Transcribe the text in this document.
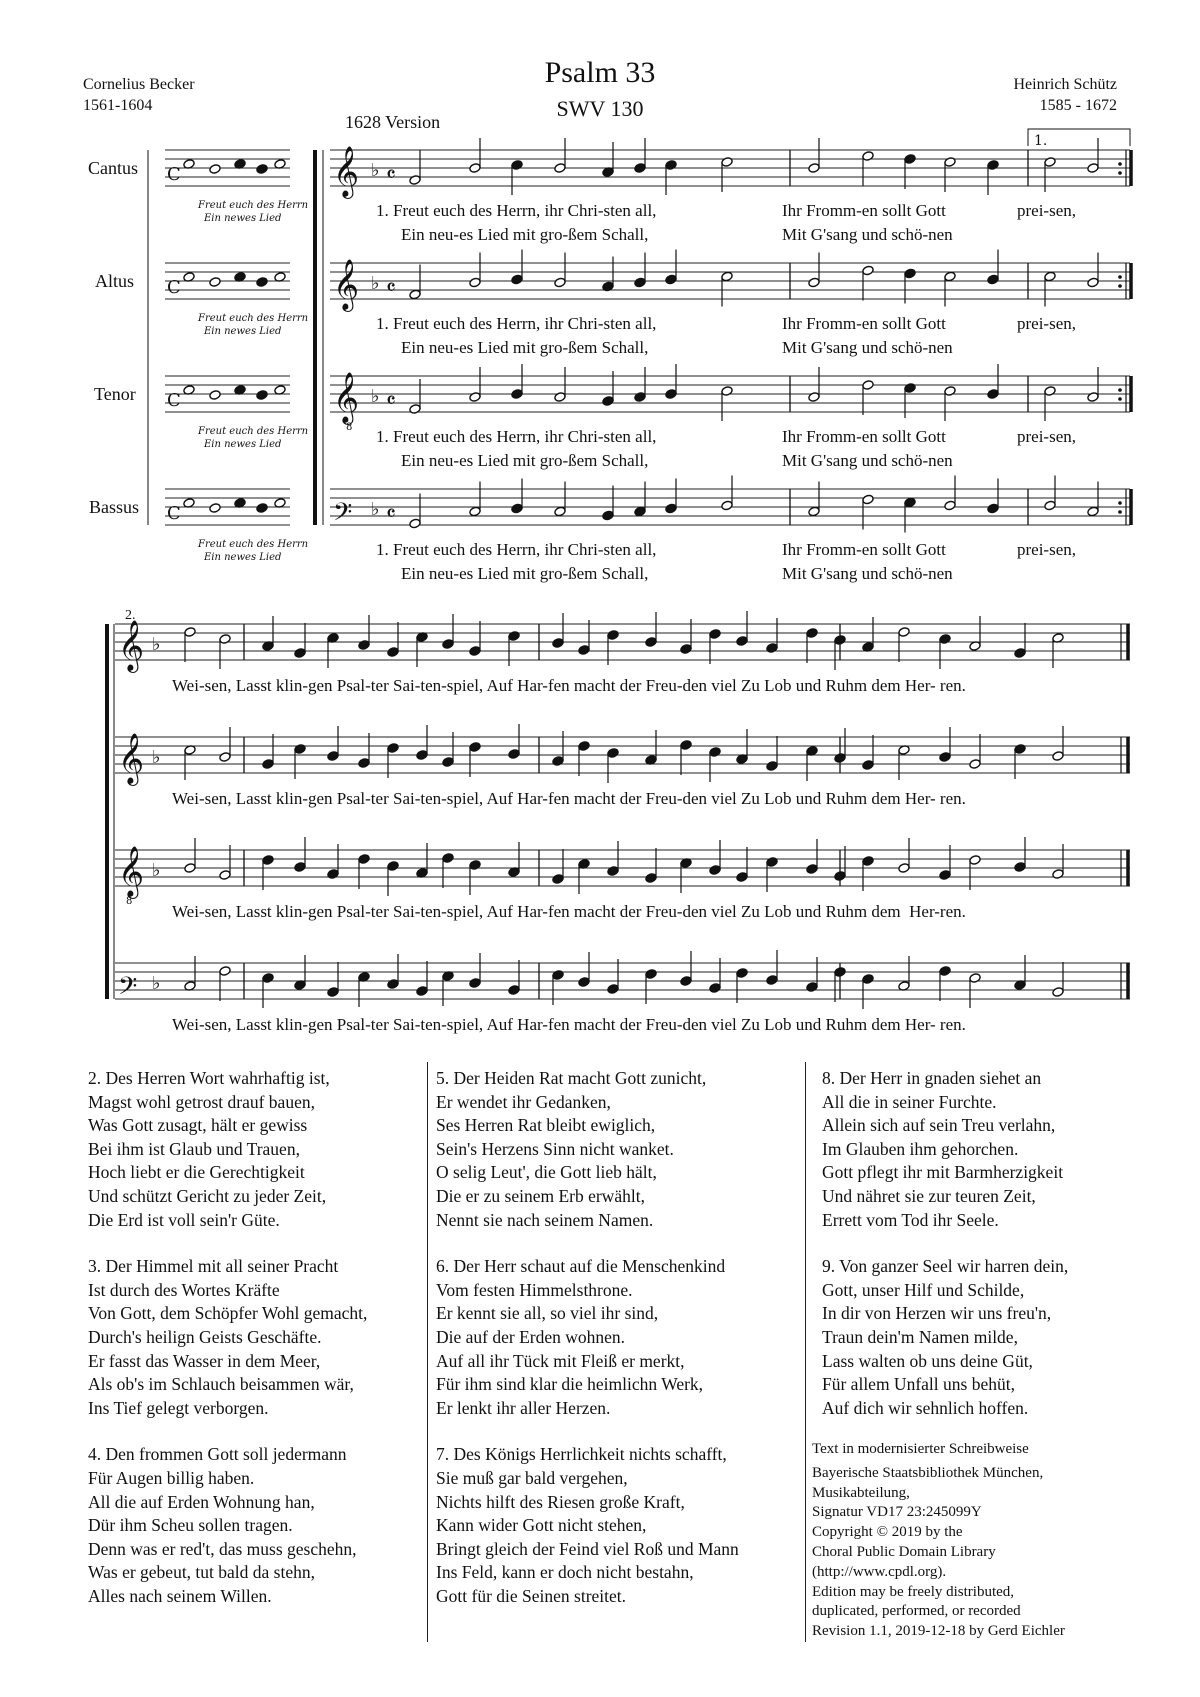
Cornelius Becker
1561-1604
Psalm 33
SWV 130
1628 Version
Heinrich Schütz
1585 - 1672
C	𝄞 ♭ 𝄴
C	𝄞 ♭ 𝄴
C	𝄞 ♭ 𝄴
8
C	𝄢 ♭ 𝄴
1.
𝄞 ♭
𝄞 ♭
𝄞 ♭
8
𝄢 ♭
Cantus
Altus
Tenor
Bassus
Freut euch des Herrn
Ein newes Lied
Freut euch des Herrn
Ein newes Lied
Freut euch des Herrn
Ein newes Lied
Freut euch des Herrn
Ein newes Lied
1. Freut euch des Herrn, ihr Chri-sten all,	Ihr Fromm-en sollt Gott	prei-sen,
Ein neu-es Lied mit gro-ßem Schall,	Mit G'sang und schö-nen
1. Freut euch des Herrn, ihr Chri-sten all,	Ihr Fromm-en sollt Gott	prei-sen,
Ein neu-es Lied mit gro-ßem Schall,	Mit G'sang und schö-nen
1. Freut euch des Herrn, ihr Chri-sten all,	Ihr Fromm-en sollt Gott	prei-sen,
Ein neu-es Lied mit gro-ßem Schall,	Mit G'sang und schö-nen
1. Freut euch des Herrn, ihr Chri-sten all,	Ihr Fromm-en sollt Gott	prei-sen,
Ein neu-es Lied mit gro-ßem Schall,	Mit G'sang und schö-nen
2.
Wei-sen, Lasst klin-gen Psal-ter Sai-ten-spiel, Auf Har-fen macht der Freu-den viel Zu Lob und Ruhm dem Her- ren.
Wei-sen, Lasst klin-gen Psal-ter Sai-ten-spiel, Auf Har-fen macht der Freu-den viel Zu Lob und Ruhm dem Her- ren.
Wei-sen, Lasst klin-gen Psal-ter Sai-ten-spiel, Auf Har-fen macht der Freu-den viel Zu Lob und Ruhm dem  Her-ren.
Wei-sen, Lasst klin-gen Psal-ter Sai-ten-spiel, Auf Har-fen macht der Freu-den viel Zu Lob und Ruhm dem Her- ren.
2. Des Herren Wort wahrhaftig ist,
Magst wohl getrost drauf bauen,
Was Gott zusagt, hält er gewiss
Bei ihm ist Glaub und Trauen,
Hoch liebt er die Gerechtigkeit
Und schützt Gericht zu jeder Zeit,
Die Erd ist voll sein'r Güte.
3. Der Himmel mit all seiner Pracht
Ist durch des Wortes Kräfte
Von Gott, dem Schöpfer Wohl gemacht,
Durch's heilign Geists Geschäfte.
Er fasst das Wasser in dem Meer,
Als ob's im Schlauch beisammen wär,
Ins Tief gelegt verborgen.
4. Den frommen Gott soll jedermann
Für Augen billig haben.
All die auf Erden Wohnung han,
Dür ihm Scheu sollen tragen.
Denn was er red't, das muss geschehn,
Was er gebeut, tut bald da stehn,
Alles nach seinem Willen.
5. Der Heiden Rat macht Gott zunicht,
Er wendet ihr Gedanken,
Ses Herren Rat bleibt ewiglich,
Sein's Herzens Sinn nicht wanket.
O selig Leut', die Gott lieb hält,
Die er zu seinem Erb erwählt,
Nennt sie nach seinem Namen.
6. Der Herr schaut auf die Menschenkind
Vom festen Himmelsthrone.
Er kennt sie all, so viel ihr sind,
Die auf der Erden wohnen.
Auf all ihr Tück mit Fleiß er merkt,
Für ihm sind klar die heimlichn Werk,
Er lenkt ihr aller Herzen.
7. Des Königs Herrlichkeit nichts schafft,
Sie muß gar bald vergehen,
Nichts hilft des Riesen große Kraft,
Kann wider Gott nicht stehen,
Bringt gleich der Feind viel Roß und Mann
Ins Feld, kann er doch nicht bestahn,
Gott für die Seinen streitet.
8. Der Herr in gnaden siehet an
All die in seiner Furchte.
Allein sich auf sein Treu verlahn,
Im Glauben ihm gehorchen.
Gott pflegt ihr mit Barmherzigkeit
Und nähret sie zur teuren Zeit,
Errett vom Tod ihr Seele.
9. Von ganzer Seel wir harren dein,
Gott, unser Hilf und Schilde,
In dir von Herzen wir uns freu'n,
Traun dein'm Namen milde,
Lass walten ob uns deine Güt,
Für allem Unfall uns behüt,
Auf dich wir sehnlich hoffen.
Text in modernisierter Schreibweise
Bayerische Staatsbibliothek München,
Musikabteilung,
Signatur VD17 23:245099Y
Copyright © 2019 by the
Choral Public Domain Library
(http://www.cpdl.org).
Edition may be freely distributed,
duplicated, performed, or recorded
Revision 1.1, 2019-12-18 by Gerd Eichler
